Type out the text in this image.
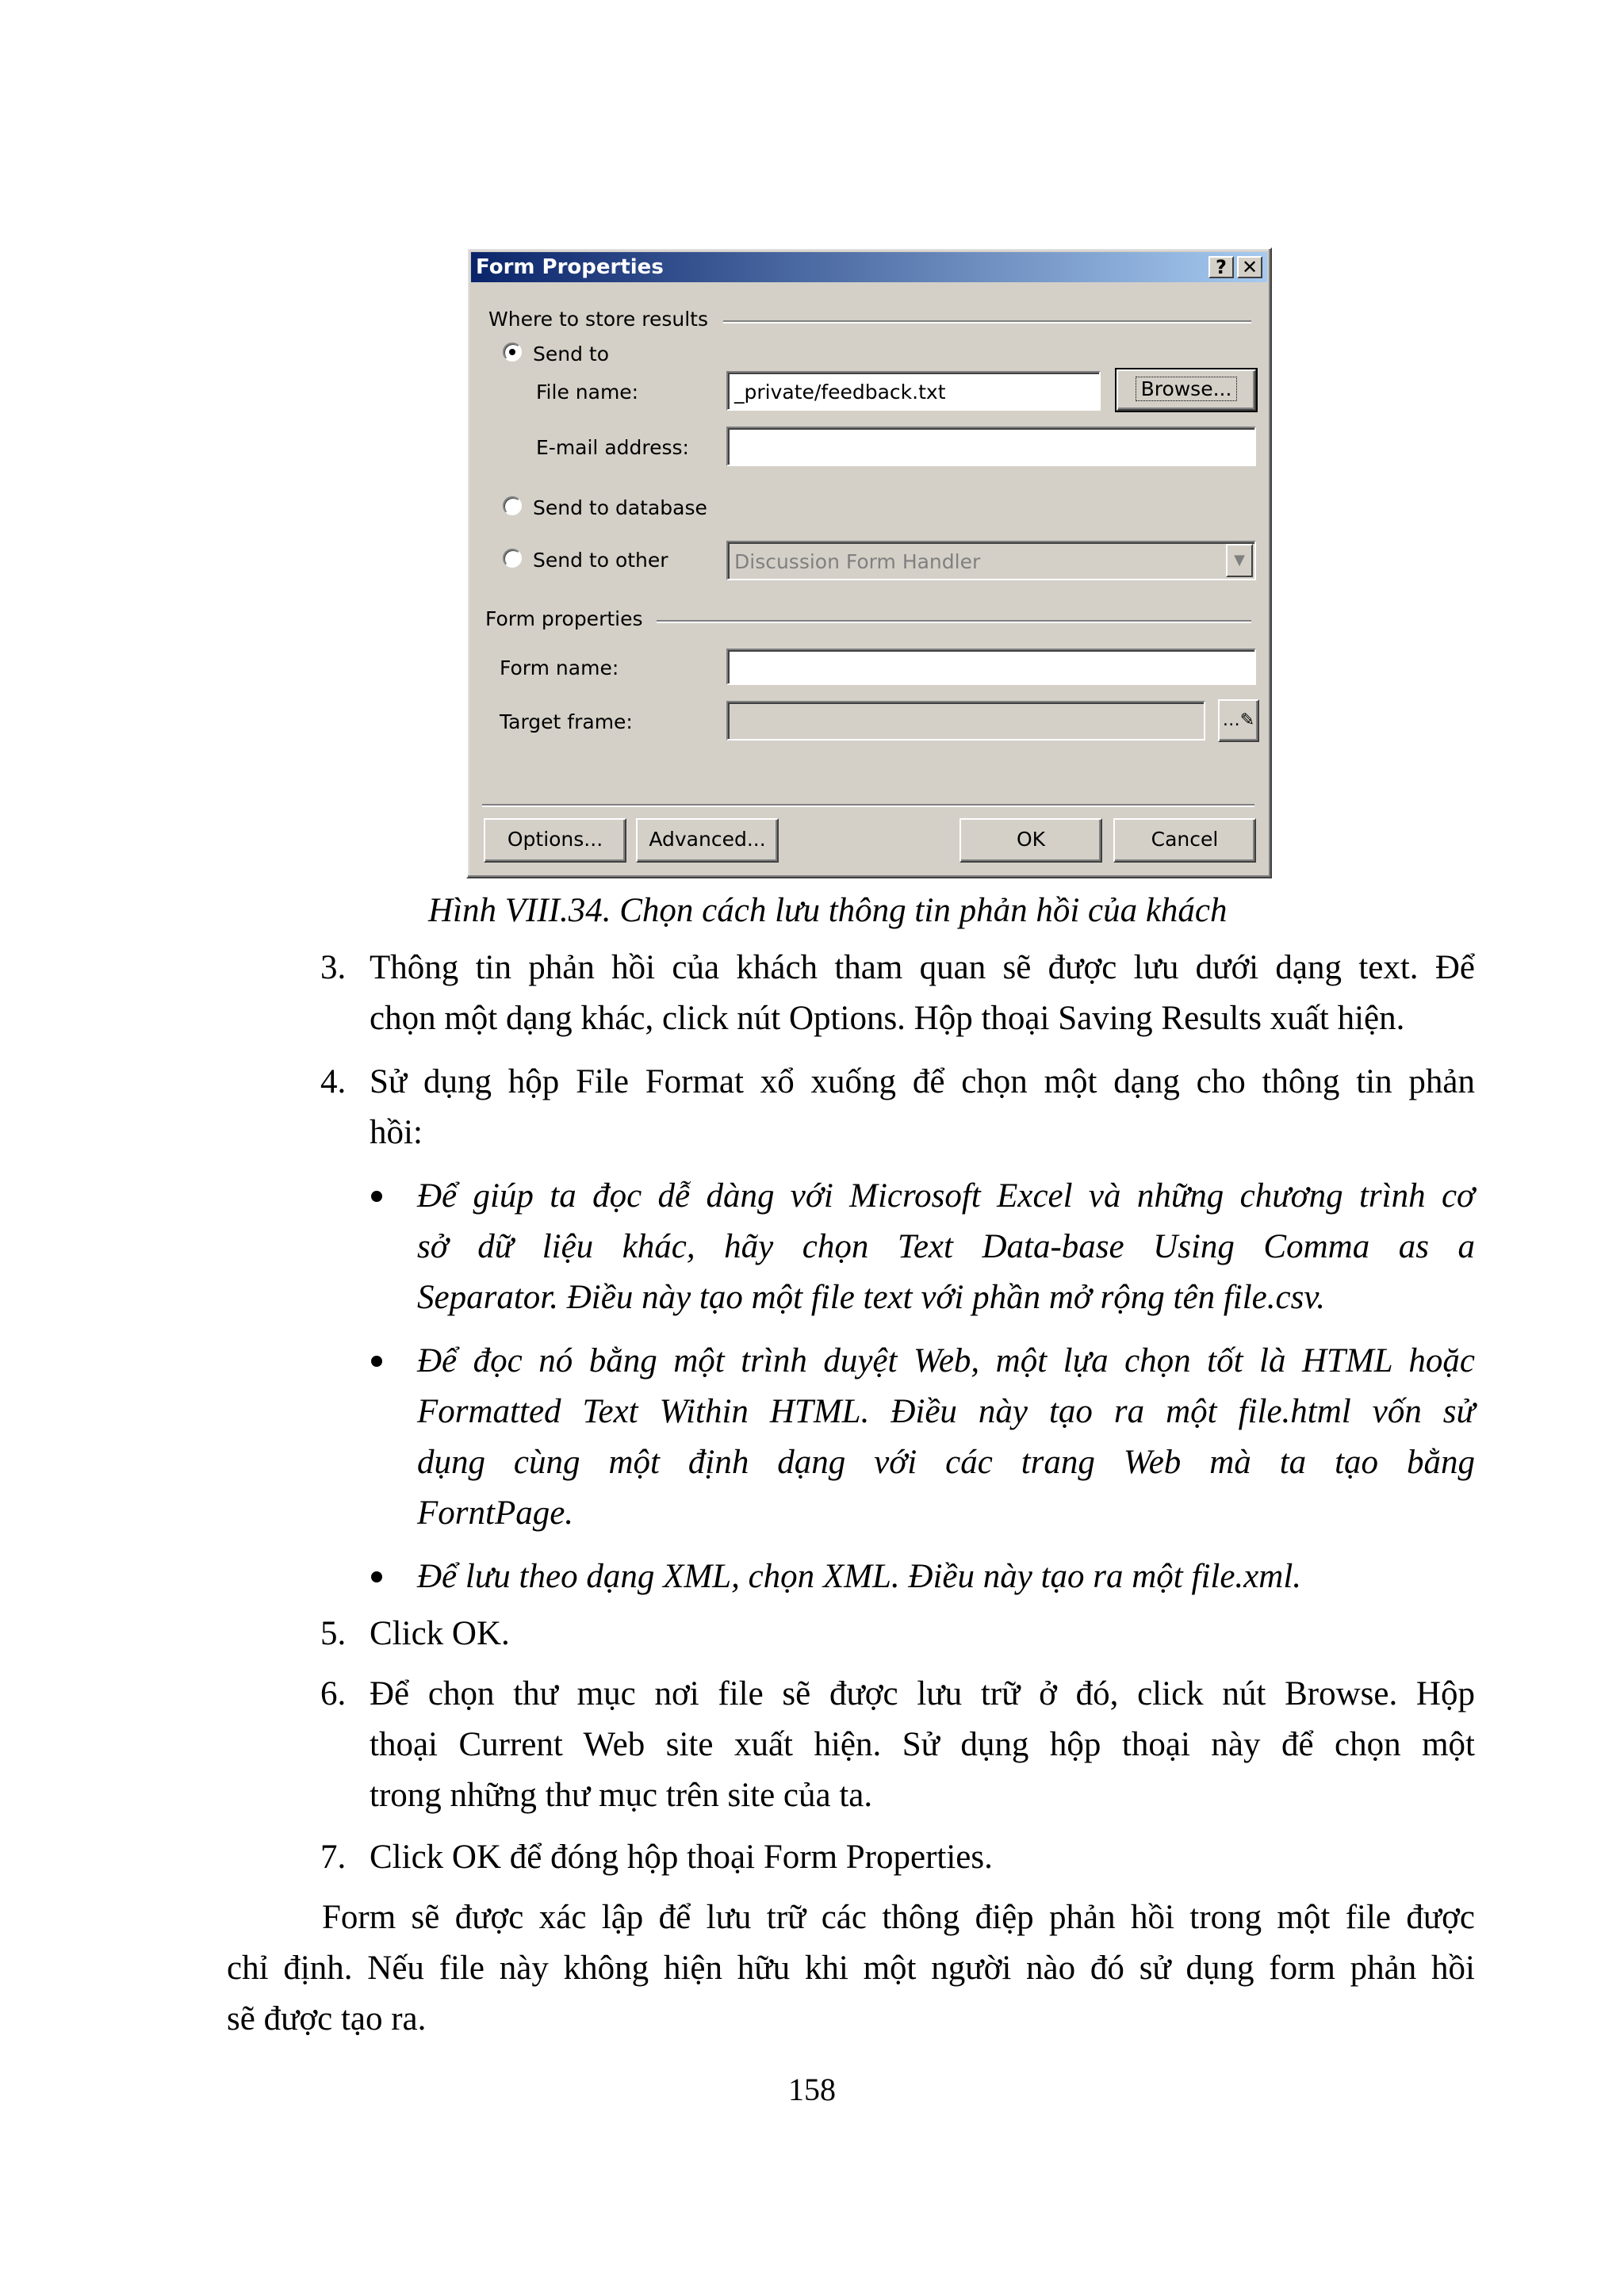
Form Properties	? ✕
Where to store results
Send to
File name:	_private/feedback.txt	Browse...
E-mail address:
Send to database
Send to other	Discussion Form Handler	▼
Form properties
Form name:
Target frame:	…✎
Options...	Advanced...	OK	Cancel
Hình VIII.34. Chọn cách lưu thông tin phản hồi của khách
3. Thông tin phản hồi của khách tham quan sẽ được lưu dưới dạng text. Để
chọn một dạng khác, click nút Options. Hộp thoại Saving Results xuất hiện.
4. Sử dụng hộp File Format xổ xuống để chọn một dạng cho thông tin phản
hồi:
Để giúp ta đọc dễ dàng với Microsoft Excel và những chương trình cơ
sở dữ liệu khác, hãy chọn Text Data-base Using Comma as a
Separator. Điều này tạo một file text với phần mở rộng tên file.csv.
Để đọc nó bằng một trình duyệt Web, một lựa chọn tốt là HTML hoặc
Formatted Text Within HTML. Điều này tạo ra một file.html vốn sử
dụng cùng một định dạng với các trang Web mà ta tạo bằng
ForntPage.
Để lưu theo dạng XML, chọn XML. Điều này tạo ra một file.xml.
5. Click OK.
6. Để chọn thư mục nơi file sẽ được lưu trữ ở đó, click nút Browse. Hộp
thoại Current Web site xuất hiện. Sử dụng hộp thoại này để chọn một
trong những thư mục trên site của ta.
7. Click OK để đóng hộp thoại Form Properties.
Form sẽ được xác lập để lưu trữ các thông điệp phản hồi trong một file được
chỉ định. Nếu file này không hiện hữu khi một người nào đó sử dụng form phản hồi
sẽ được tạo ra.
158
